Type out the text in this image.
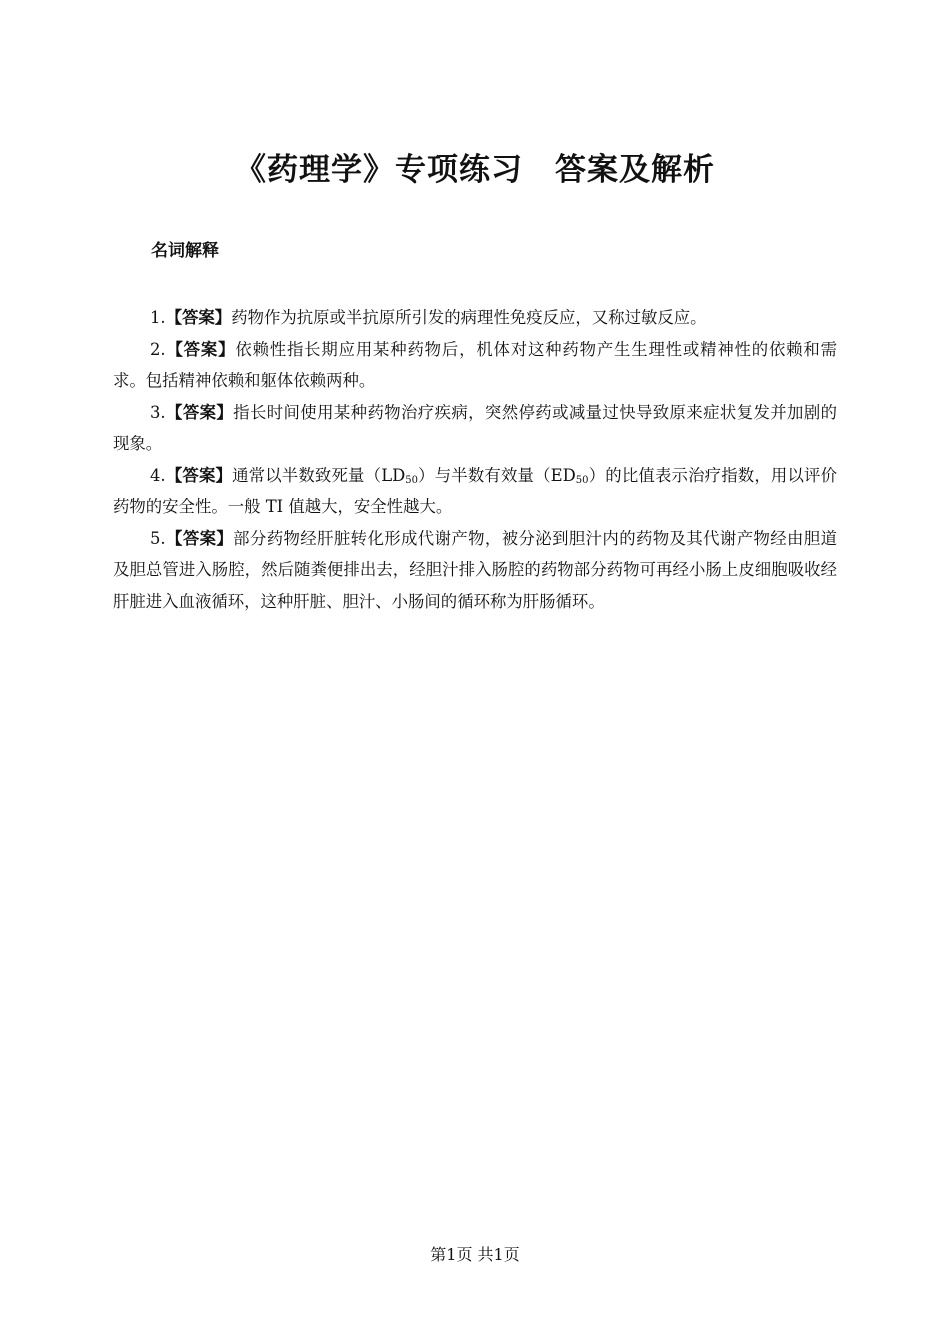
《药理学》专项练习　答案及解析
名词解释

1.【答案】药物作为抗原或半抗原所引发的病理性免疫反应，又称过敏反应。

2.【答案】依赖性指长期应用某种药物后，机体对这种药物产生生理性或精神性的依赖和需求。包括精神依赖和躯体依赖两种。

3.【答案】指长时间使用某种药物治疗疾病，突然停药或减量过快导致原来症状复发并加剧的现象。

4.【答案】通常以半数致死量$(LD_{50})$与半数有效量$(ED_{50})$的比值表示治疗指数，用以评价药物的安全性。一般 TI 值越大，安全性越大。

5.【答案】部分药物经肝脏转化形成代谢产物，被分泌到胆汁内的药物及其代谢产物经由胆道及胆总管进入肠腔，然后随粪便排出去，经胆汁排入肠腔的药物部分药物可再经小肠上皮细胞吸收经肝脏进入血液循环，这种肝脏、胆汁、小肠间的循环称为肝肠循环。

第1页 共1页
